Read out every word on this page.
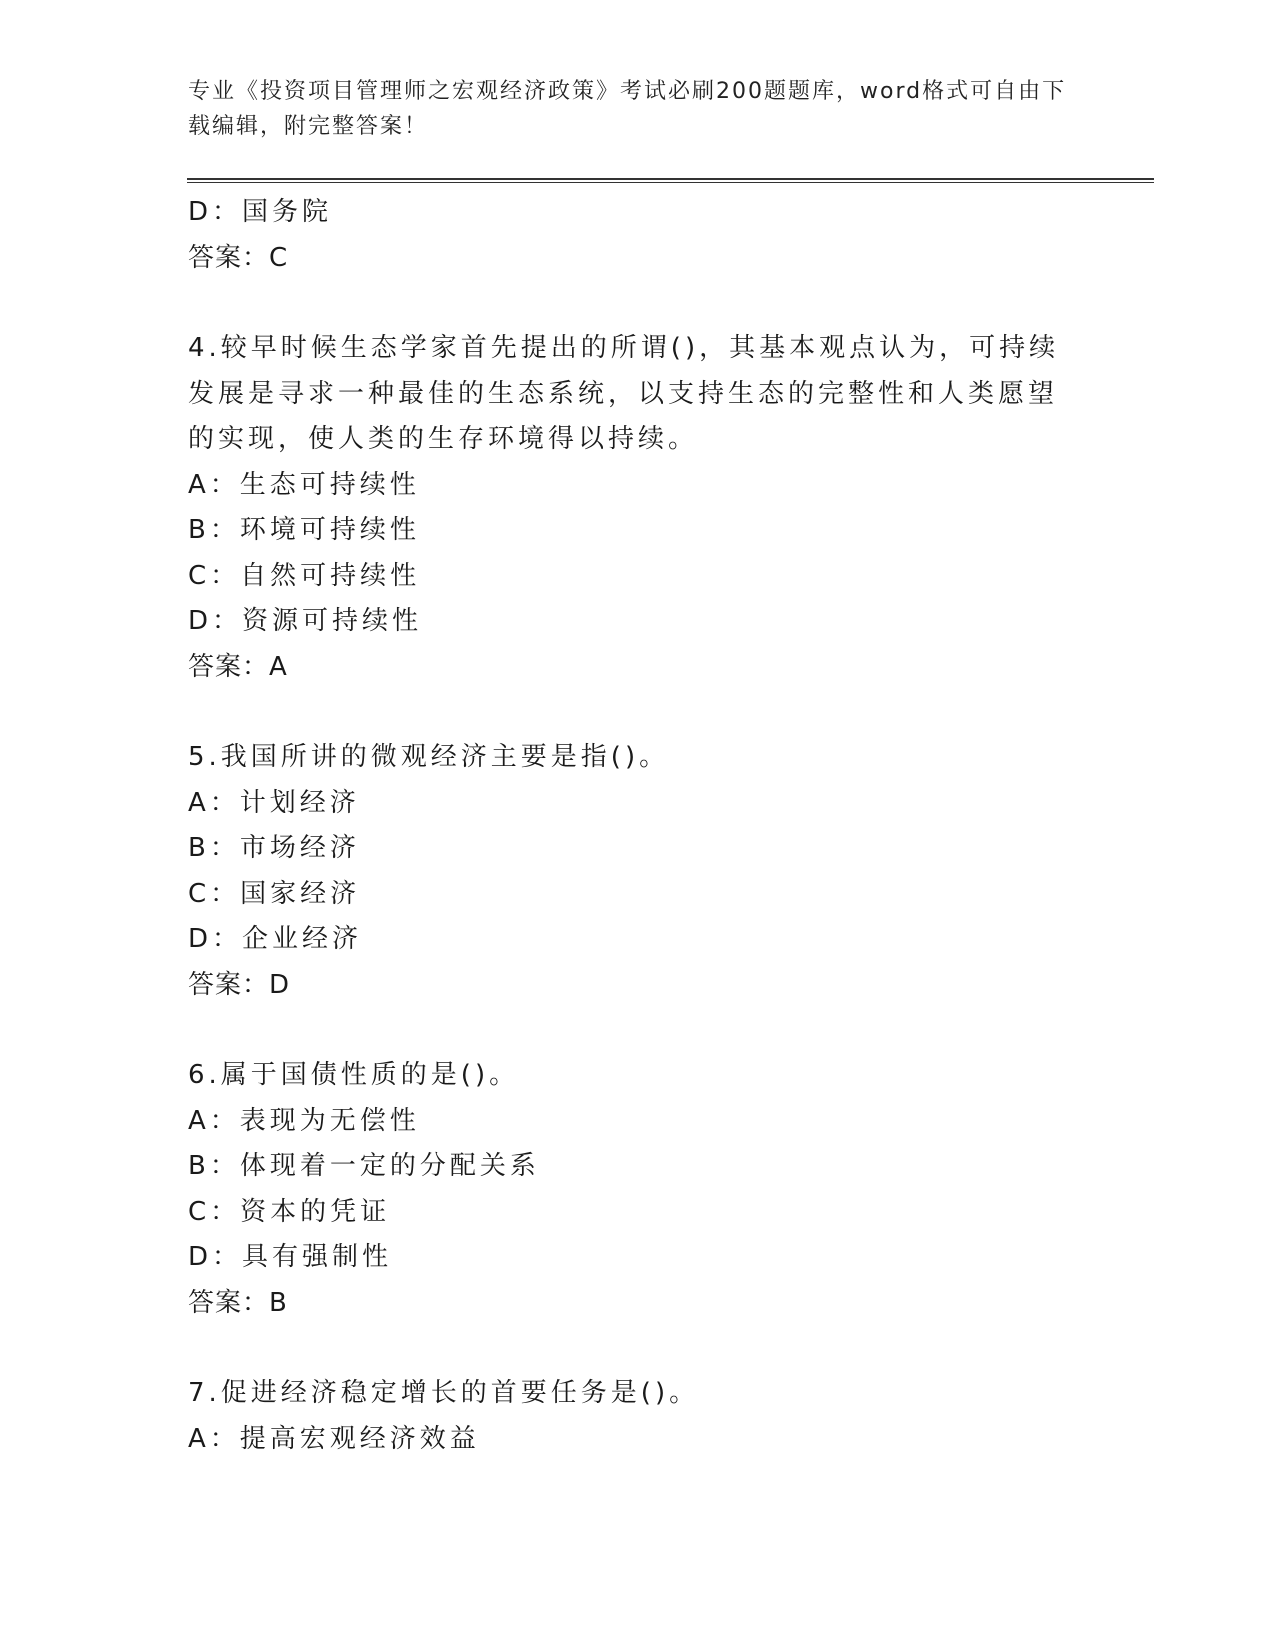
专业《投资项目管理师之宏观经济政策》考试必刷200题题库，word格式可自由下载编辑，附完整答案！
D：国务院
答案：C
4.较早时候生态学家首先提出的所谓()，其基本观点认为，可持续发展是寻求一种最佳的生态系统，以支持生态的完整性和人类愿望的实现，使人类的生存环境得以持续。
A：生态可持续性
B：环境可持续性
C：自然可持续性
D：资源可持续性
答案：A
5.我国所讲的微观经济主要是指()。
A：计划经济
B：市场经济
C：国家经济
D：企业经济
答案：D
6.属于国债性质的是()。
A：表现为无偿性
B：体现着一定的分配关系
C：资本的凭证
D：具有强制性
答案：B
7.促进经济稳定增长的首要任务是()。
A：提高宏观经济效益
